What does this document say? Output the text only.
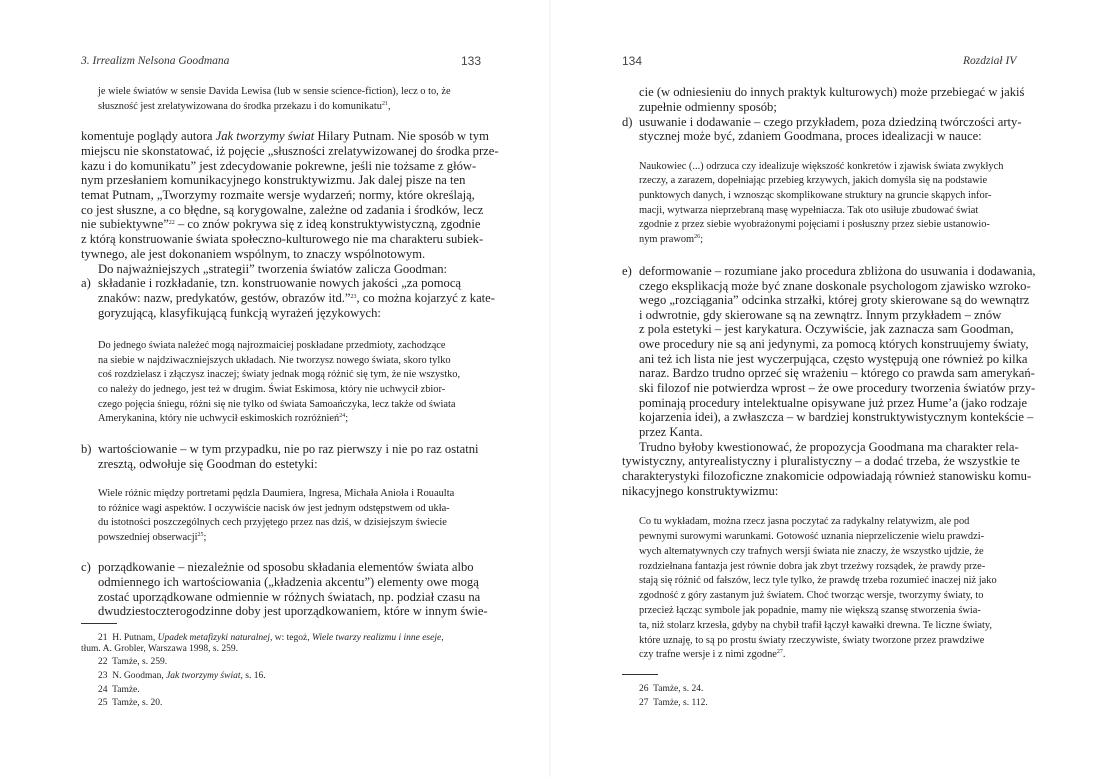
3. Irrealizm Nelsona Goodmana	133

je wiele światów w sensie Davida Lewisa (lub w sensie science-fiction), lecz o to, że

słuszność jest zrelatywizowana do środka przekazu i do komunikatu$^{21}$,

komentuje poglądy autora Jak tworzymy świat Hilary Putnam. Nie sposób w tym

miejscu nie skonstatować, iż pojęcie „słuszności zrelatywizowanej do środka prze-

kazu i do komunikatu” jest zdecydowanie pokrewne, jeśli nie tożsame z głów-

nym przesłaniem komunikacyjnego konstruktywizmu. Jak dalej pisze na ten

temat Putnam, „Tworzymy rozmaite wersje wydarzeń; normy, które określają,

co jest słuszne, a co błędne, są korygowalne, zależne od zadania i środków, lecz

nie subiektywne”$^{22}$ – co znów pokrywa się z ideą konstruktywistyczną, zgodnie

z którą konstruowanie świata społeczno-kulturowego nie ma charakteru subiek-

tywnego, ale jest dokonaniem wspólnym, to znaczy wspólnotowym.

Do najważniejszych „strategii” tworzenia światów zalicza Goodman:

a) składanie i rozkładanie, tzn. konstruowanie nowych jakości „za pomocą

znaków: nazw, predykatów, gestów, obrazów itd.”$^{23}$, co można kojarzyć z kate-

goryzującą, klasyfikującą funkcją wyrażeń językowych:

Do jednego świata należeć mogą najrozmaiciej poskładane przedmioty, zachodzące

na siebie w najdziwaczniejszych układach. Nie tworzysz nowego świata, skoro tylko

coś rozdzielasz i złączysz inaczej; światy jednak mogą różnić się tym, że nie wszystko,

co należy do jednego, jest też w drugim. Świat Eskimosa, który nie uchwycił zbior-

czego pojęcia śniegu, różni się nie tylko od świata Samoańczyka, lecz także od świata

Amerykanina, który nie uchwycił eskimoskich rozróżnień$^{24}$;

b) wartościowanie – w tym przypadku, nie po raz pierwszy i nie po raz ostatni

zresztą, odwołuje się Goodman do estetyki:

Wiele różnic między portretami pędzla Daumiera, Ingresa, Michała Anioła i Rouaulta

to różnice wagi aspektów. I oczywiście nacisk ów jest jednym odstępstwem od ukła-

du istotności poszczególnych cech przyjętego przez nas dziś, w dzisiejszym świecie

powszedniej obserwacji$^{25}$;

c) porządkowanie – niezależnie od sposobu składania elementów świata albo

odmiennego ich wartościowania („kładzenia akcentu”) elementy owe mogą

zostać uporządkowane odmiennie w różnych światach, np. podział czasu na

dwudziestoczterogodzinne doby jest uporządkowaniem, które w innym świe-

21 H. Putnam, Upadek metafizyki naturalnej, w: tegoż, Wiele twarzy realizmu i inne eseje,

tłum. A. Grobler, Warszawa 1998, s. 259.

22 Tamże, s. 259.

23 N. Goodman, Jak tworzymy świat, s. 16.

24 Tamże.

25 Tamże, s. 20.

134	Rozdział IV

cie (w odniesieniu do innych praktyk kulturowych) może przebiegać w jakiś

zupełnie odmienny sposób;

d) usuwanie i dodawanie – czego przykładem, poza dziedziną twórczości arty-

stycznej może być, zdaniem Goodmana, proces idealizacji w nauce:

Naukowiec (...) odrzuca czy idealizuje większość konkretów i zjawisk świata zwykłych

rzeczy, a zarazem, dopełniając przebieg krzywych, jakich domyśla się na podstawie

punktowych danych, i wznosząc skomplikowane struktury na gruncie skąpych infor-

macji, wytwarza nieprzebraną masę wypełniacza. Tak oto usiłuje zbudować świat

zgodnie z przez siebie wyobrażonymi pojęciami i posłuszny przez siebie ustanowio-

nym prawom$^{26}$;

e) deformowanie – rozumiane jako procedura zbliżona do usuwania i dodawania,

czego eksplikacją może być znane doskonale psychologom zjawisko wzroko-

wego „rozciągania” odcinka strzałki, której groty skierowane są do wewnątrz

i odwrotnie, gdy skierowane są na zewnątrz. Innym przykładem – znów

z pola estetyki – jest karykatura. Oczywiście, jak zaznacza sam Goodman,

owe procedury nie są ani jedynymi, za pomocą których konstruujemy światy,

ani też ich lista nie jest wyczerpująca, często występują one również po kilka

naraz. Bardzo trudno oprzeć się wrażeniu – którego co prawda sam amerykań-

ski filozof nie potwierdza wprost – że owe procedury tworzenia światów przy-

pominają procedury intelektualne opisywane już przez Hume’a (jako rodzaje

kojarzenia idei), a zwłaszcza – w bardziej konstruktywistycznym kontekście –

przez Kanta.

Trudno byłoby kwestionować, że propozycja Goodmana ma charakter rela-

tywistyczny, antyrealistyczny i pluralistyczny – a dodać trzeba, że wszystkie te

charakterystyki filozoficzne znakomicie odpowiadają również stanowisku komu-

nikacyjnego konstruktywizmu:

Co tu wykładam, można rzecz jasna poczytać za radykalny relatywizm, ale pod

pewnymi surowymi warunkami. Gotowość uznania nieprzeliczenie wielu prawdzi-

wych alternatywnych czy trafnych wersji świata nie znaczy, że wszystko ujdzie, że

rozdziełnana fantazja jest równie dobra jak zbyt trzeźwy rozsądek, że prawdy prze-

stają się różnić od fałszów, lecz tyle tylko, że prawdę trzeba rozumieć inaczej niż jako

zgodność z góry zastanym już światem. Choć tworząc wersje, tworzymy światy, to

przecież łącząc symbole jak popadnie, mamy nie większą szansę stworzenia świa-

ta, niż stolarz krzesła, gdyby na chybił trafił łączył kawałki drewna. Te liczne światy,

które uznaję, to są po prostu światy rzeczywiste, światy tworzone przez prawdziwe

czy trafne wersje i z nimi zgodne$^{27}$.

26 Tamże, s. 24.

27 Tamże, s. 112.
